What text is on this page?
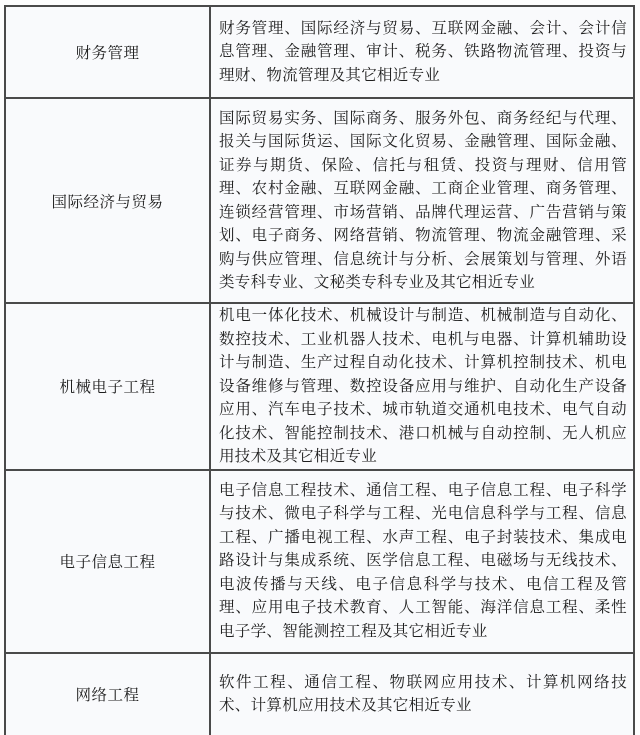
财务管理	财务管理、国际经济与贸易、互联网金融、会计、会计信息管理、金融管理、审计、税务、铁路物流管理、投资与理财、物流管理及其它相近专业
国际经济与贸易	国际贸易实务、国际商务、服务外包、商务经纪与代理、报关与国际货运、国际文化贸易、金融管理、国际金融、证券与期货、保险、信托与租赁、投资与理财、信用管理、农村金融、互联网金融、工商企业管理、商务管理、连锁经营管理、市场营销、品牌代理运营、广告营销与策划、电子商务、网络营销、物流管理、物流金融管理、采购与供应管理、信息统计与分析、会展策划与管理、外语类专科专业、文秘类专科专业及其它相近专业
机械电子工程	机电一体化技术、机械设计与制造、机械制造与自动化、数控技术、工业机器人技术、电机与电器、计算机辅助设计与制造、生产过程自动化技术、计算机控制技术、机电设备维修与管理、数控设备应用与维护、自动化生产设备应用、汽车电子技术、城市轨道交通机电技术、电气自动化技术、智能控制技术、港口机械与自动控制、无人机应用技术及其它相近专业
电子信息工程	电子信息工程技术、通信工程、电子信息工程、电子科学与技术、微电子科学与工程、光电信息科学与工程、信息工程、广播电视工程、水声工程、电子封装技术、集成电路设计与集成系统、医学信息工程、电磁场与无线技术、电波传播与天线、电子信息科学与技术、电信工程及管理、应用电子技术教育、人工智能、海洋信息工程、柔性电子学、智能测控工程及其它相近专业
网络工程	软件工程、通信工程、物联网应用技术、计算机网络技术、计算机应用技术及其它相近专业
